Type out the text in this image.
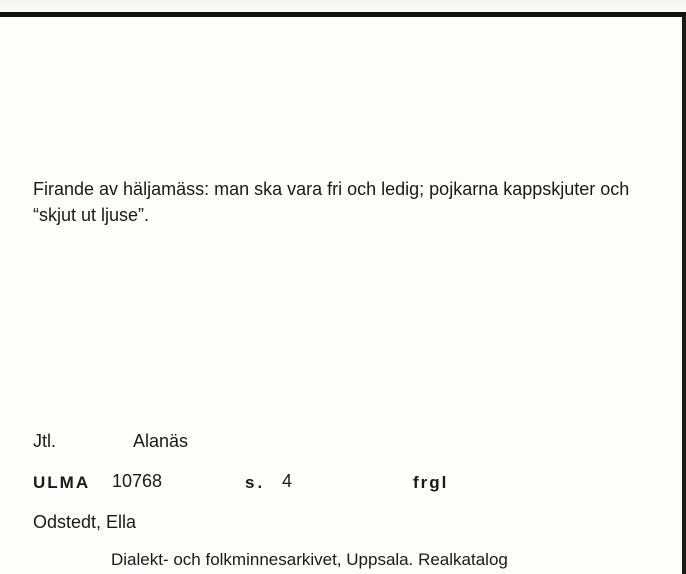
Firande av häljamäss: man ska vara fri och ledig; pojkarna kappskjuter och “skjut ut ljuse”.

Jtl.	Alanäs
ULMA 10768	s. 4	frgl
Odstedt, Ella
Dialekt- och folkminnesarkivet, Uppsala. Realkatalog
